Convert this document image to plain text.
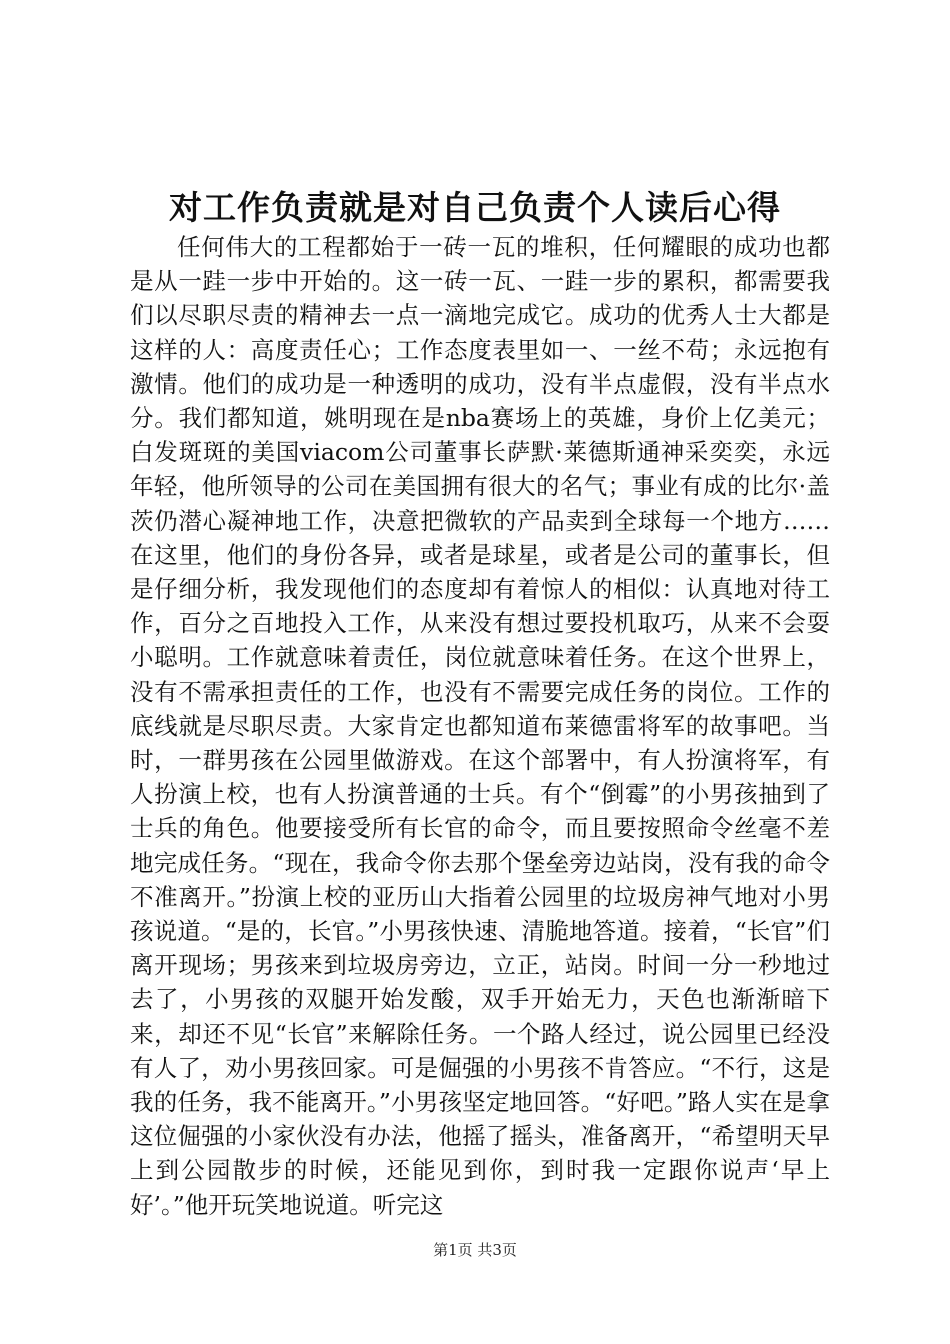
对工作负责就是对自己负责个人读后心得

任何伟大的工程都始于一砖一瓦的堆积，任何耀眼的成功也都是从一跬一步中开始的。这一砖一瓦、一跬一步的累积，都需要我们以尽职尽责的精神去一点一滴地完成它。成功的优秀人士大都是这样的人：高度责任心；工作态度表里如一、一丝不苟；永远抱有激情。他们的成功是一种透明的成功，没有半点虚假，没有半点水分。我们都知道，姚明现在是nba赛场上的英雄，身价上亿美元；白发斑斑的美国viacom公司董事长萨默·莱德斯通神采奕奕，永远年轻，他所领导的公司在美国拥有很大的名气；事业有成的比尔·盖茨仍潜心凝神地工作，决意把微软的产品卖到全球每一个地方……在这里，他们的身份各异，或者是球星，或者是公司的董事长，但是仔细分析，我发现他们的态度却有着惊人的相似：认真地对待工作，百分之百地投入工作，从来没有想过要投机取巧，从来不会耍小聪明。工作就意味着责任，岗位就意味着任务。在这个世界上，没有不需承担责任的工作，也没有不需要完成任务的岗位。工作的底线就是尽职尽责。大家肯定也都知道布莱德雷将军的故事吧。当时，一群男孩在公园里做游戏。在这个部署中，有人扮演将军，有人扮演上校，也有人扮演普通的士兵。有个“倒霉”的小男孩抽到了士兵的角色。他要接受所有长官的命令，而且要按照命令丝毫不差地完成任务。“现在，我命令你去那个堡垒旁边站岗，没有我的命令不准离开。”扮演上校的亚历山大指着公园里的垃圾房神气地对小男孩说道。“是的，长官。”小男孩快速、清脆地答道。接着，“长官”们离开现场；男孩来到垃圾房旁边，立正，站岗。时间一分一秒地过去了，小男孩的双腿开始发酸，双手开始无力，天色也渐渐暗下来，却还不见“长官”来解除任务。一个路人经过，说公园里已经没有人了，劝小男孩回家。可是倔强的小男孩不肯答应。“不行，这是我的任务，我不能离开。”小男孩坚定地回答。“好吧。”路人实在是拿这位倔强的小家伙没有办法，他摇了摇头，准备离开，“希望明天早上到公园散步的时候，还能见到你，到时我一定跟你说声‘早上好’。”他开玩笑地说道。听完这

第1页 共3页
